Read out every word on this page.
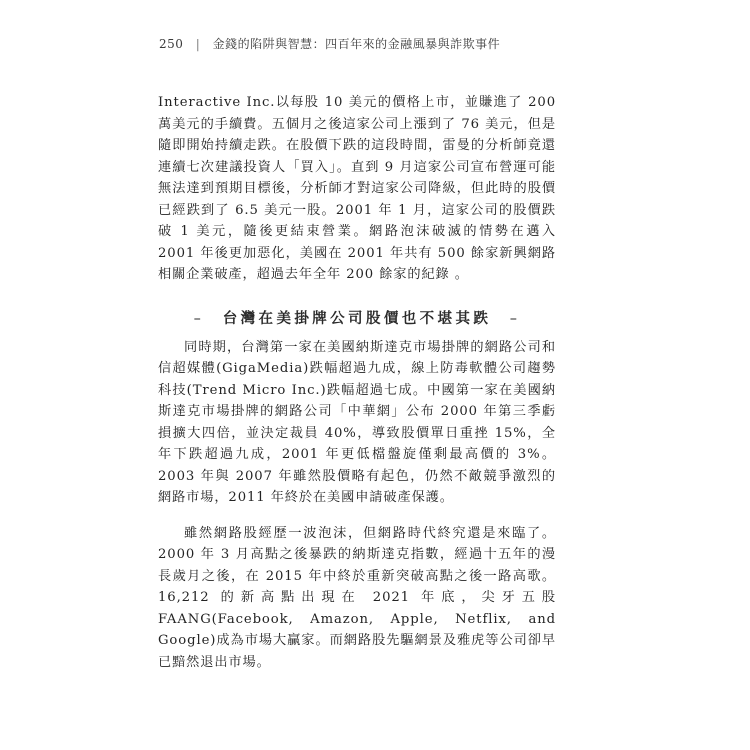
250 | 金錢的陷阱與智慧：四百年來的金融風暴與詐欺事件

Interactive Inc.以每股 10 美元的價格上市，並賺進了 200 萬美元的手續費。五個月之後這家公司上漲到了 76 美元，但是隨即開始持續走跌。在股價下跌的這段時間，雷曼的分析師竟還連續七次建議投資人「買入」。直到 9 月這家公司宣布營運可能無法達到預期目標後，分析師才對這家公司降級，但此時的股價已經跌到了 6.5 美元一股。2001 年 1 月，這家公司的股價跌破 1 美元，隨後更結束營業。網路泡沫破滅的情勢在邁入 2001 年後更加惡化，美國在 2001 年共有 500 餘家新興網路相關企業破產，超過去年全年 200 餘家的紀錄 。

– 台灣在美掛牌公司股價也不堪其跌 –

同時期，台灣第一家在美國納斯達克市場掛牌的網路公司和信超媒體(GigaMedia)跌幅超過九成，線上防毒軟體公司趨勢科技(Trend Micro Inc.)跌幅超過七成。中國第一家在美國納斯達克市場掛牌的網路公司「中華網」公布 2000 年第三季虧損擴大四倍，並決定裁員 40%，導致股價單日重挫 15%，全年下跌超過九成，2001 年更低檔盤旋僅剩最高價的 3%。2003 年與 2007 年雖然股價略有起色，仍然不敵競爭激烈的網路市場，2011 年終於在美國申請破產保護。

雖然網路股經歷一波泡沫，但網路時代終究還是來臨了。2000 年 3 月高點之後暴跌的納斯達克指數，經過十五年的漫長歲月之後，在 2015 年中終於重新突破高點之後一路高歌。16,212 的新高點出現在 2021 年底，尖牙五股 FAANG(Facebook, Amazon, Apple, Netflix, and Google)成為市場大贏家。而網路股先驅網景及雅虎等公司卻早已黯然退出市場。
